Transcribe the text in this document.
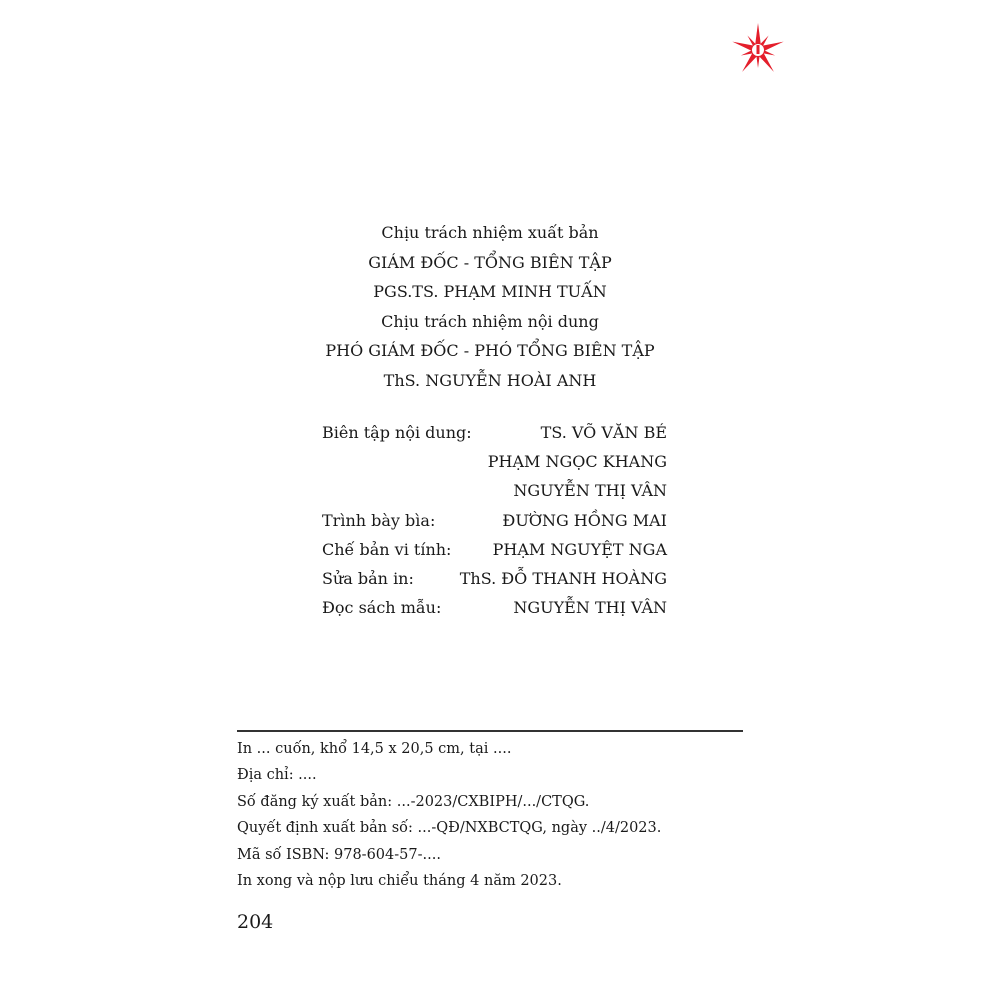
Chịu trách nhiệm xuất bản
GIÁM ĐỐC - TỔNG BIÊN TẬP
PGS.TS. PHẠM MINH TUẤN
Chịu trách nhiệm nội dung
PHÓ GIÁM ĐỐC - PHÓ TỔNG BIÊN TẬP
ThS. NGUYỄN HOÀI ANH
Biên tập nội dung:	TS. VÕ VĂN BÉ
PHẠM NGỌC KHANG
NGUYỄN THỊ VÂN
Trình bày bìa:	ĐƯỜNG HỒNG MAI
Chế bản vi tính:	PHẠM NGUYỆT NGA
Sửa bản in:	ThS. ĐỖ THANH HOÀNG
Đọc sách mẫu:	NGUYỄN THỊ VÂN
In ... cuốn, khổ 14,5 x 20,5 cm, tại ....
Địa chỉ: ....
Số đăng ký xuất bản: ...-2023/CXBIPH/.../CTQG.
Quyết định xuất bản số: ...-QĐ/NXBCTQG, ngày ../4/2023.
Mã số ISBN: 978-604-57-....
In xong và nộp lưu chiểu tháng 4 năm 2023.
204
